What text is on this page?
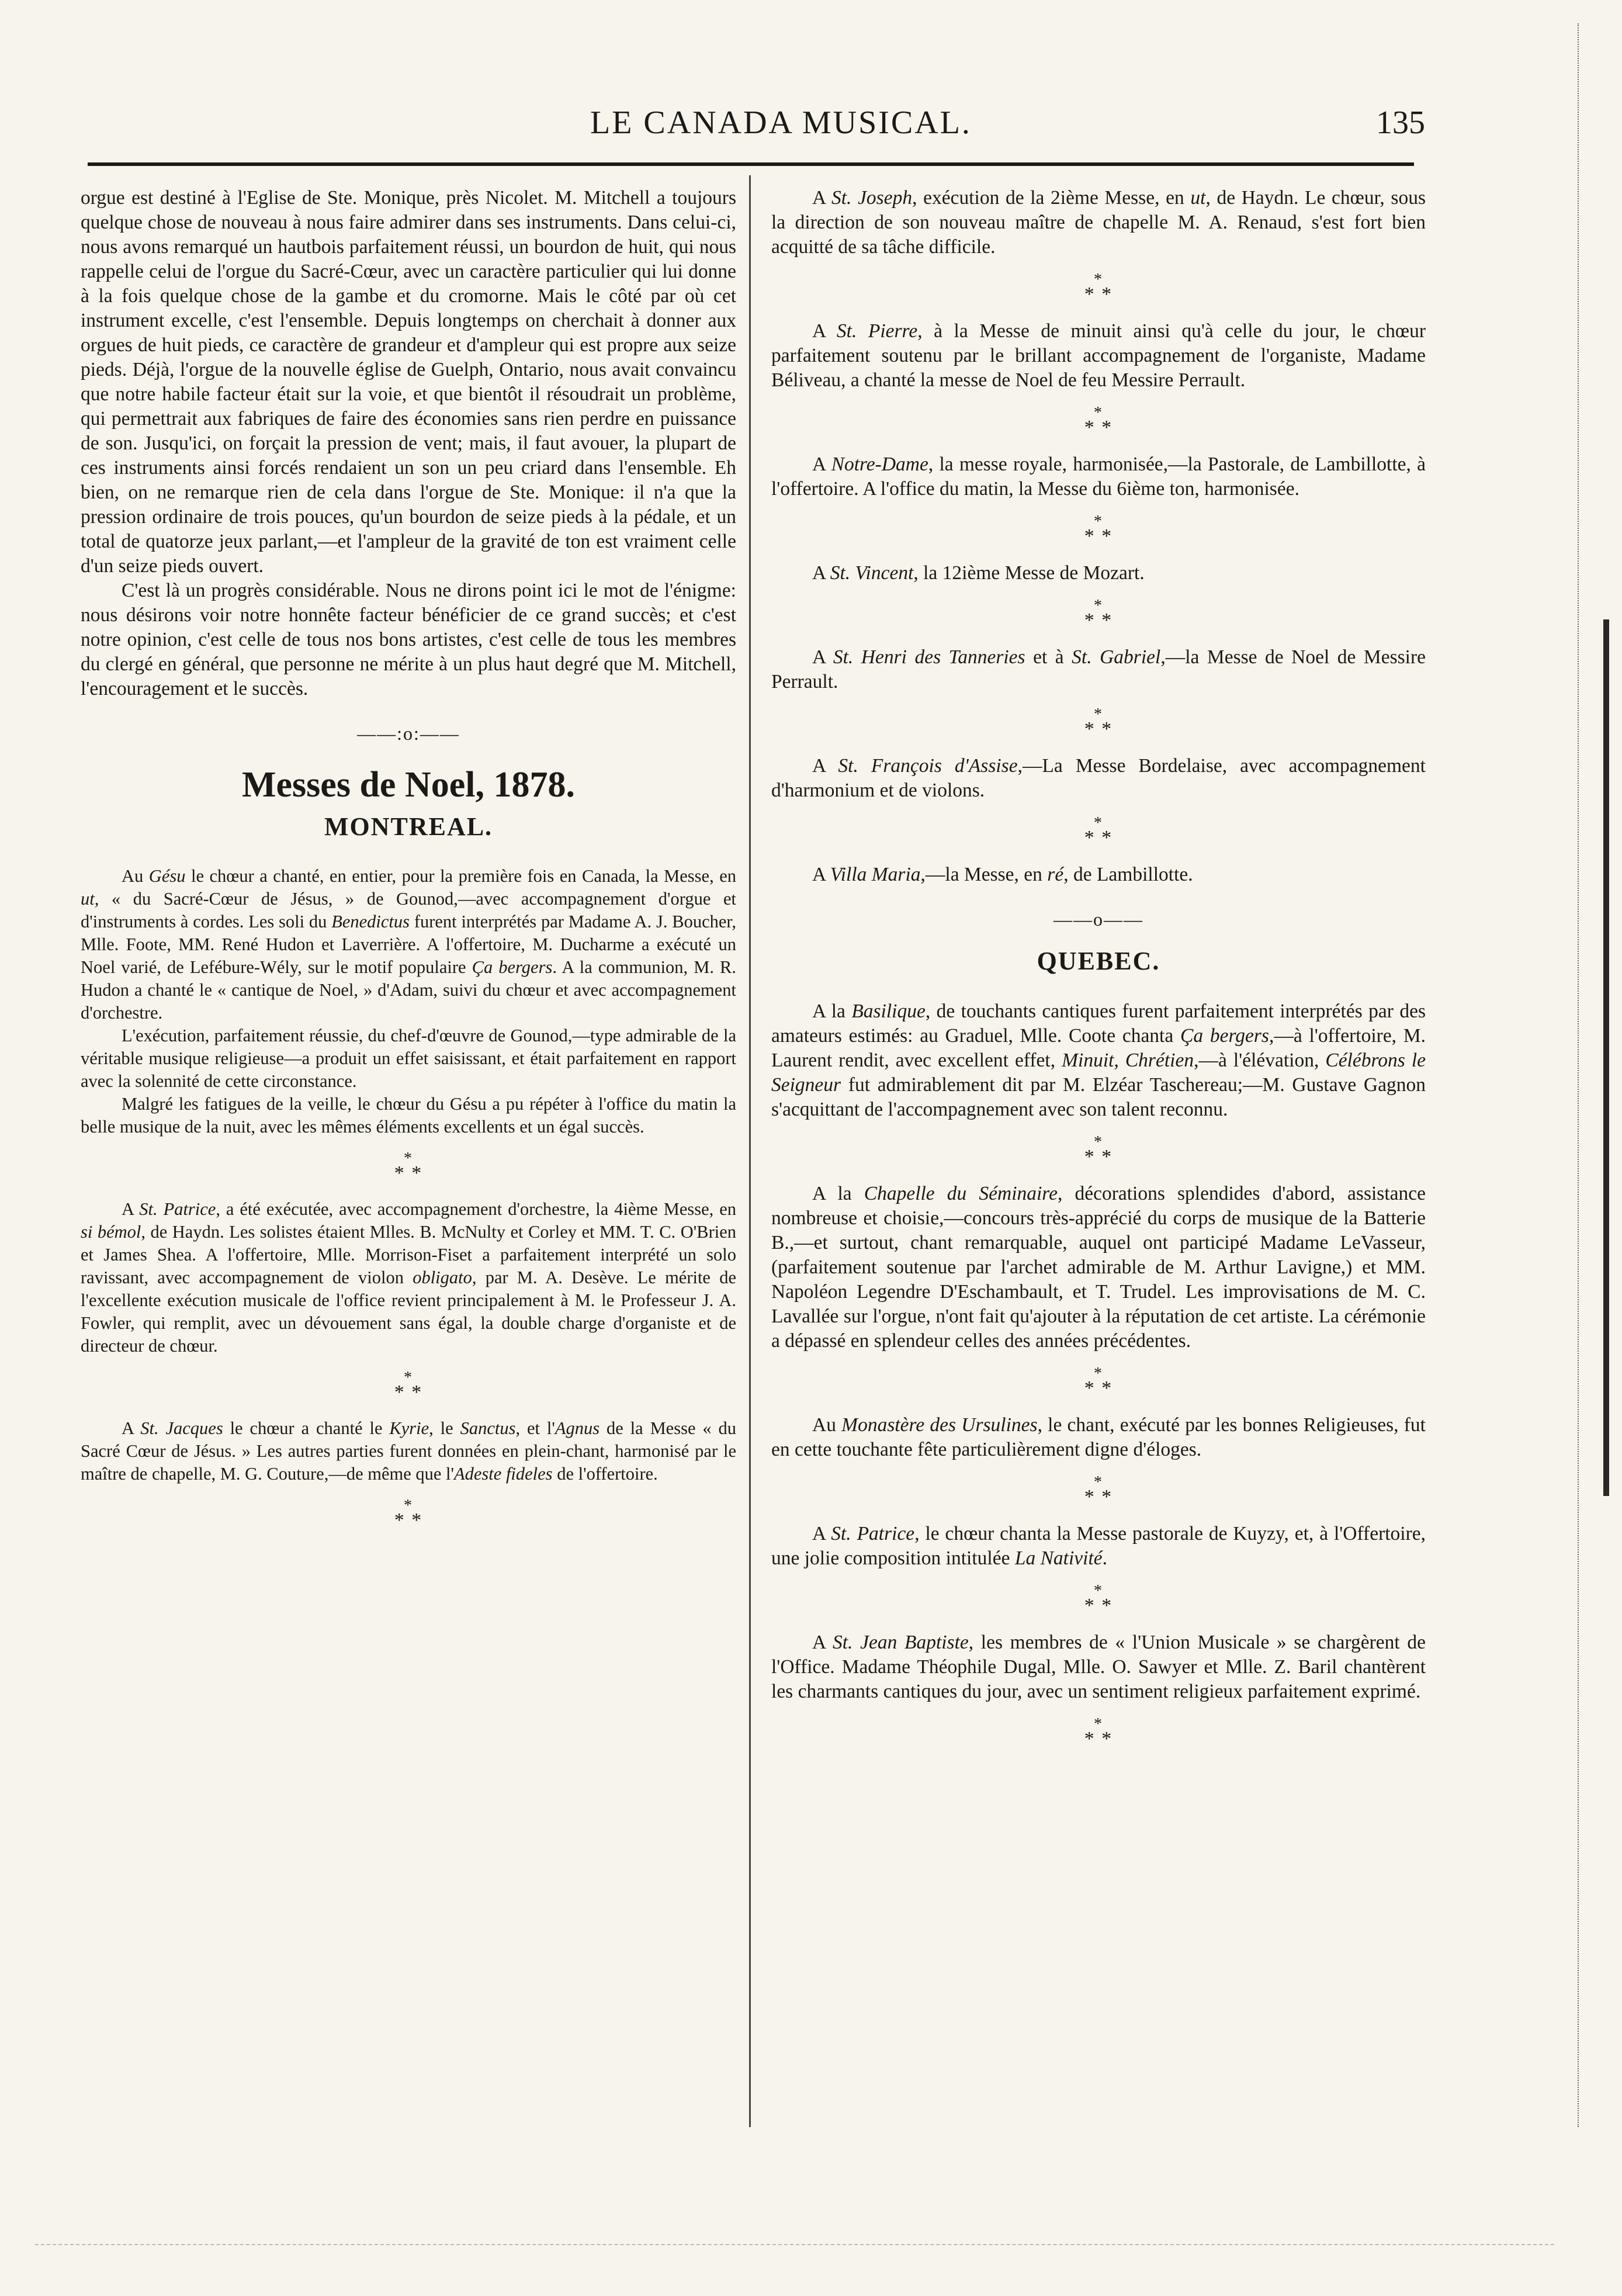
LE CANADA MUSICAL.	135

orgue est destiné à l'Eglise de Ste. Monique, près Nicolet. M. Mitchell a toujours quelque chose de nouveau à nous faire admirer dans ses instruments. Dans celui-ci, nous avons remarqué un hautbois parfaitement réussi, un bourdon de huit, qui nous rappelle celui de l'orgue du Sacré-Cœur, avec un caractère particulier qui lui donne à la fois quelque chose de la gambe et du cromorne. Mais le côté par où cet instrument excelle, c'est l'ensemble. Depuis longtemps on cherchait à donner aux orgues de huit pieds, ce caractère de grandeur et d'ampleur qui est propre aux seize pieds. Déjà, l'orgue de la nouvelle église de Guelph, Ontario, nous avait convaincu que notre habile facteur était sur la voie, et que bientôt il résoudrait un problème, qui permettrait aux fabriques de faire des économies sans rien perdre en puissance de son. Jusqu'ici, on forçait la pression de vent; mais, il faut avouer, la plupart de ces instruments ainsi forcés rendaient un son un peu criard dans l'ensemble. Eh bien, on ne remarque rien de cela dans l'orgue de Ste. Monique: il n'a que la pression ordinaire de trois pouces, qu'un bourdon de seize pieds à la pédale, et un total de quatorze jeux parlant,—et l'ampleur de la gravité de ton est vraiment celle d'un seize pieds ouvert.

C'est là un progrès considérable. Nous ne dirons point ici le mot de l'énigme: nous désirons voir notre honnête facteur bénéficier de ce grand succès; et c'est notre opinion, c'est celle de tous nos bons artistes, c'est celle de tous les membres du clergé en général, que personne ne mérite à un plus haut degré que M. Mitchell, l'encouragement et le succès.

——:o:——
Messes de Noel, 1878.
MONTREAL.

Au Gésu le chœur a chanté, en entier, pour la première fois en Canada, la Messe, en ut, « du Sacré-Cœur de Jésus, » de Gounod,—avec accompagnement d'orgue et d'instruments à cordes. Les soli du Benedictus furent interprétés par Madame A. J. Boucher, Mlle. Foote, MM. René Hudon et Laverrière. A l'offertoire, M. Ducharme a exécuté un Noel varié, de Lefébure-Wély, sur le motif populaire Ça bergers. A la communion, M. R. Hudon a chanté le « cantique de Noel, » d'Adam, suivi du chœur et avec accompagnement d'orchestre.

L'exécution, parfaitement réussie, du chef-d'œuvre de Gounod,—type admirable de la véritable musique religieuse—a produit un effet saisissant, et était parfaitement en rapport avec la solennité de cette circonstance.

Malgré les fatigues de la veille, le chœur du Gésu a pu répéter à l'office du matin la belle musique de la nuit, avec les mêmes éléments excellents et un égal succès.

*
* *

A St. Patrice, a été exécutée, avec accompagnement d'orchestre, la 4ième Messe, en si bémol, de Haydn. Les solistes étaient Mlles. B. McNulty et Corley et MM. T. C. O'Brien et James Shea. A l'offertoire, Mlle. Morrison-Fiset a parfaitement interprété un solo ravissant, avec accompagnement de violon obligato, par M. A. Desève. Le mérite de l'excellente exécution musicale de l'office revient principalement à M. le Professeur J. A. Fowler, qui remplit, avec un dévouement sans égal, la double charge d'organiste et de directeur de chœur.

*
* *

A St. Jacques le chœur a chanté le Kyrie, le Sanctus, et l'Agnus de la Messe « du Sacré Cœur de Jésus. » Les autres parties furent données en plein-chant, harmonisé par le maître de chapelle, M. G. Couture,—de même que l'Adeste fideles de l'offertoire.

*
* *

A St. Joseph, exécution de la 2ième Messe, en ut, de Haydn. Le chœur, sous la direction de son nouveau maître de chapelle M. A. Renaud, s'est fort bien acquitté de sa tâche difficile.

*
* *

A St. Pierre, à la Messe de minuit ainsi qu'à celle du jour, le chœur parfaitement soutenu par le brillant accompagnement de l'organiste, Madame Béliveau, a chanté la messe de Noel de feu Messire Perrault.

*
* *

A Notre-Dame, la messe royale, harmonisée,—la Pastorale, de Lambillotte, à l'offertoire. A l'office du matin, la Messe du 6ième ton, harmonisée.

*
* *

A St. Vincent, la 12ième Messe de Mozart.

*
* *

A St. Henri des Tanneries et à St. Gabriel,—la Messe de Noel de Messire Perrault.

*
* *

A St. François d'Assise,—La Messe Bordelaise, avec accompagnement d'harmonium et de violons.

*
* *

A Villa Maria,—la Messe, en ré, de Lambillotte.

——o——
QUEBEC.

A la Basilique, de touchants cantiques furent parfaitement interprétés par des amateurs estimés: au Graduel, Mlle. Coote chanta Ça bergers,—à l'offertoire, M. Laurent rendit, avec excellent effet, Minuit, Chrétien,—à l'élévation, Célébrons le Seigneur fut admirablement dit par M. Elzéar Taschereau;—M. Gustave Gagnon s'acquittant de l'accompagnement avec son talent reconnu.

*
* *

A la Chapelle du Séminaire, décorations splendides d'abord, assistance nombreuse et choisie,—concours très-apprécié du corps de musique de la Batterie B.,—et surtout, chant remarquable, auquel ont participé Madame LeVasseur, (parfaitement soutenue par l'archet admirable de M. Arthur Lavigne,) et MM. Napoléon Legendre D'Eschambault, et T. Trudel. Les improvisations de M. C. Lavallée sur l'orgue, n'ont fait qu'ajouter à la réputation de cet artiste. La cérémonie a dépassé en splendeur celles des années précédentes.

*
* *

Au Monastère des Ursulines, le chant, exécuté par les bonnes Religieuses, fut en cette touchante fête particulièrement digne d'éloges.

*
* *

A St. Patrice, le chœur chanta la Messe pastorale de Kuyzy, et, à l'Offertoire, une jolie composition intitulée La Nativité.

*
* *

A St. Jean Baptiste, les membres de « l'Union Musicale » se chargèrent de l'Office. Madame Théophile Dugal, Mlle. O. Sawyer et Mlle. Z. Baril chantèrent les charmants cantiques du jour, avec un sentiment religieux parfaitement exprimé.

*
* *
